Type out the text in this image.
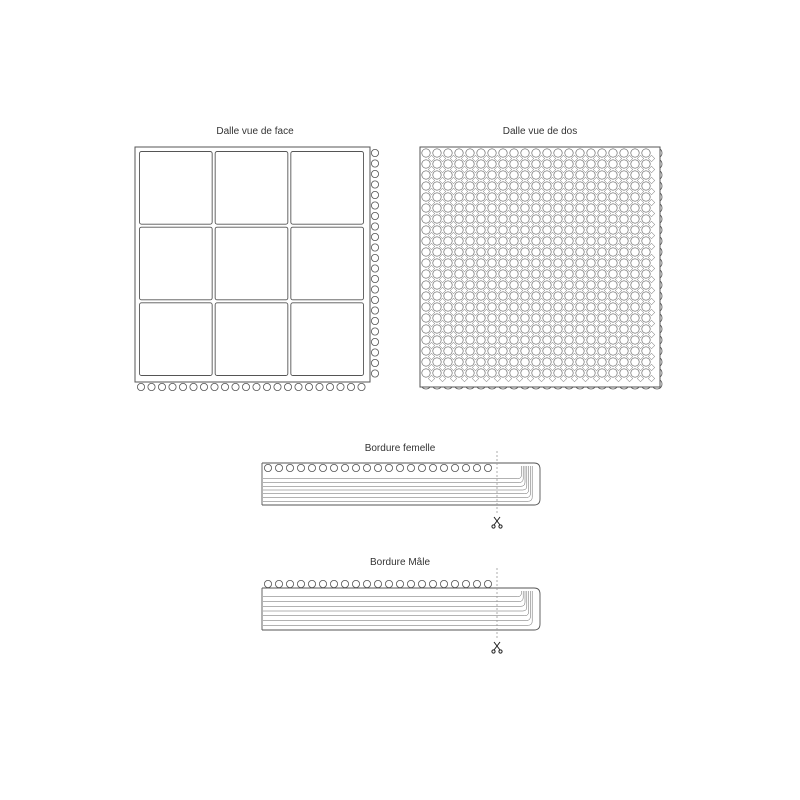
Dalle vue de face	Dalle vue de dos
Bordure femelle
Bordure Mâle
